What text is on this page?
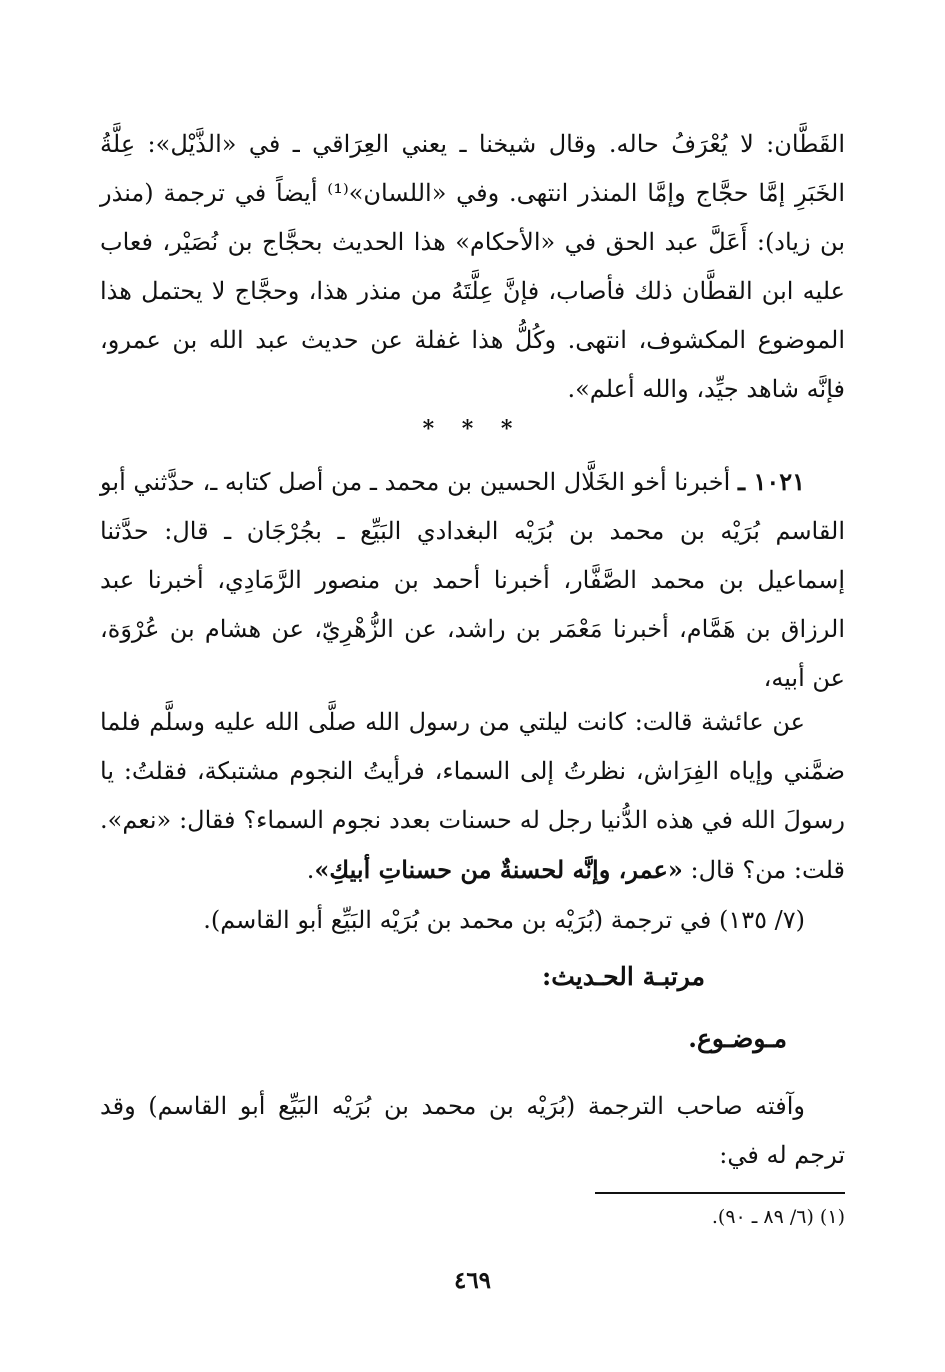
القَطَّان: لا يُعْرَفُ حاله. وقال شيخنا ـ يعني العِرَاقي ـ في «الذَّيْل»: عِلَّةُ الخَبَرِ إمَّا حجَّاج وإمَّا المنذر انتهى. وفي «اللسان»⁽¹⁾ أيضاً في ترجمة (منذر بن زياد): أَعَلَّ عبد الحق في «الأحكام» هذا الحديث بحجَّاج بن نُصَيْر، فعاب عليه ابن القطَّان ذلك فأصاب، فإنَّ عِلَّتَهُ من منذر هذا، وحجَّاج لا يحتمل هذا الموضوع المكشوف، انتهى. وكُلُّ هذا غفلة عن حديث عبد الله بن عمرو، فإنَّه شاهد جيِّد، والله أعلم».

* * *

١٠٢١ ـ أخبرنا أخو الخَلَّال الحسين بن محمد ـ من أصل كتابه ـ، حدَّثني أبو القاسم بُرَيْه بن محمد بن بُرَيْه البغدادي البَيِّع ـ بجُرْجَان ـ قال: حدَّثنا إسماعيل بن محمد الصَّفَّار، أخبرنا أحمد بن منصور الرَّمَادِي، أخبرنا عبد الرزاق بن هَمَّام، أخبرنا مَعْمَر بن راشد، عن الزُّهْرِيّ، عن هشام بن عُرْوَة، عن أبيه،

عن عائشة قالت: كانت ليلتي من رسول الله صلَّى الله عليه وسلَّم فلما ضمَّني وإياه الفِرَاش، نظرتُ إلى السماء، فرأيتُ النجوم مشتبكة، فقلتُ: يا رسولَ الله في هذه الدُّنيا رجل له حسنات بعدد نجوم السماء؟ فقال: «نعم». قلت: من؟ قال: «عمر، وإنَّه لحسنةٌ من حسناتِ أبيكِ».

(٧/ ١٣٥) في ترجمة (بُرَيْه بن محمد بن بُرَيْه البَيِّع أبو القاسم).
مرتبـة الحـديث:
مـوضـوع.

وآفته صاحب الترجمة (بُرَيْه بن محمد بن بُرَيْه البَيِّع أبو القاسم) وقد ترجم له في:

(١) (٦/ ٨٩ ـ ٩٠).
٤٦٩
